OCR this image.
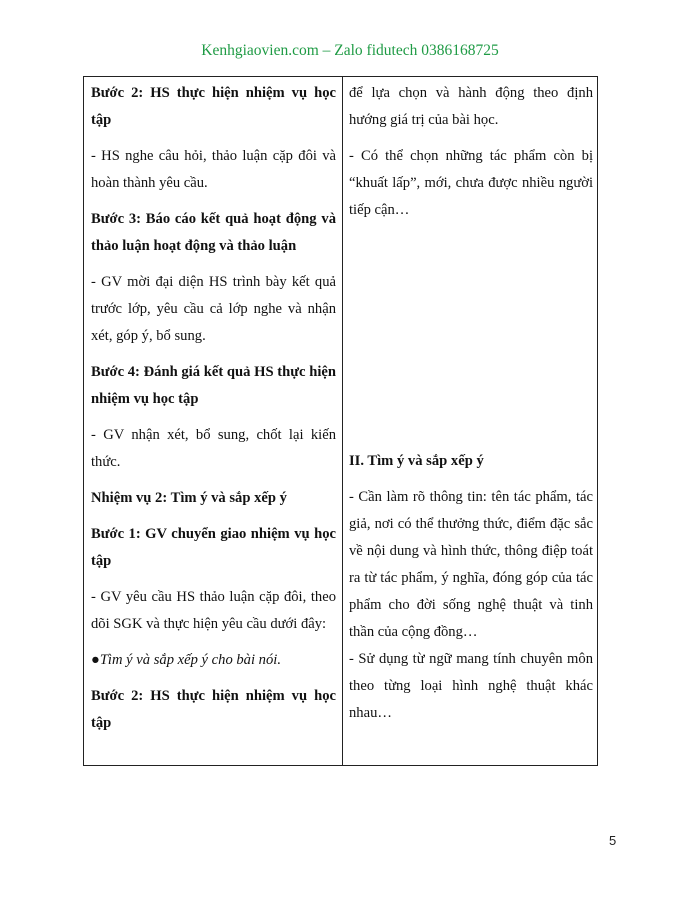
Kenhgiaovien.com – Zalo fidutech 0386168725

Bước 2: HS thực hiện nhiệm vụ học tập

- HS nghe câu hỏi, thảo luận cặp đôi và hoàn thành yêu cầu.

Bước 3: Báo cáo kết quả hoạt động và thảo luận hoạt động và thảo luận

- GV mời đại diện HS trình bày kết quả trước lớp, yêu cầu cả lớp nghe và nhận xét, góp ý, bổ sung.

Bước 4: Đánh giá kết quả HS thực hiện nhiệm vụ học tập

- GV nhận xét, bổ sung, chốt lại kiến thức.

Nhiệm vụ 2: Tìm ý và sắp xếp ý

Bước 1: GV chuyển giao nhiệm vụ học tập

- GV yêu cầu HS thảo luận cặp đôi, theo dõi SGK và thực hiện yêu cầu dưới đây:

●Tìm ý và sắp xếp ý cho bài nói.

Bước 2: HS thực hiện nhiệm vụ học tập

để lựa chọn và hành động theo định hướng giá trị của bài học.

- Có thể chọn những tác phẩm còn bị “khuất lấp”, mới, chưa được nhiều người tiếp cận…

II. Tìm ý và sắp xếp ý

- Cần làm rõ thông tin: tên tác phẩm, tác giả, nơi có thể thưởng thức, điểm đặc sắc về nội dung và hình thức, thông điệp toát ra từ tác phẩm, ý nghĩa, đóng góp của tác phẩm cho đời sống nghệ thuật và tinh thần của cộng đồng…

- Sử dụng từ ngữ mang tính chuyên môn theo từng loại hình nghệ thuật khác nhau…

5
